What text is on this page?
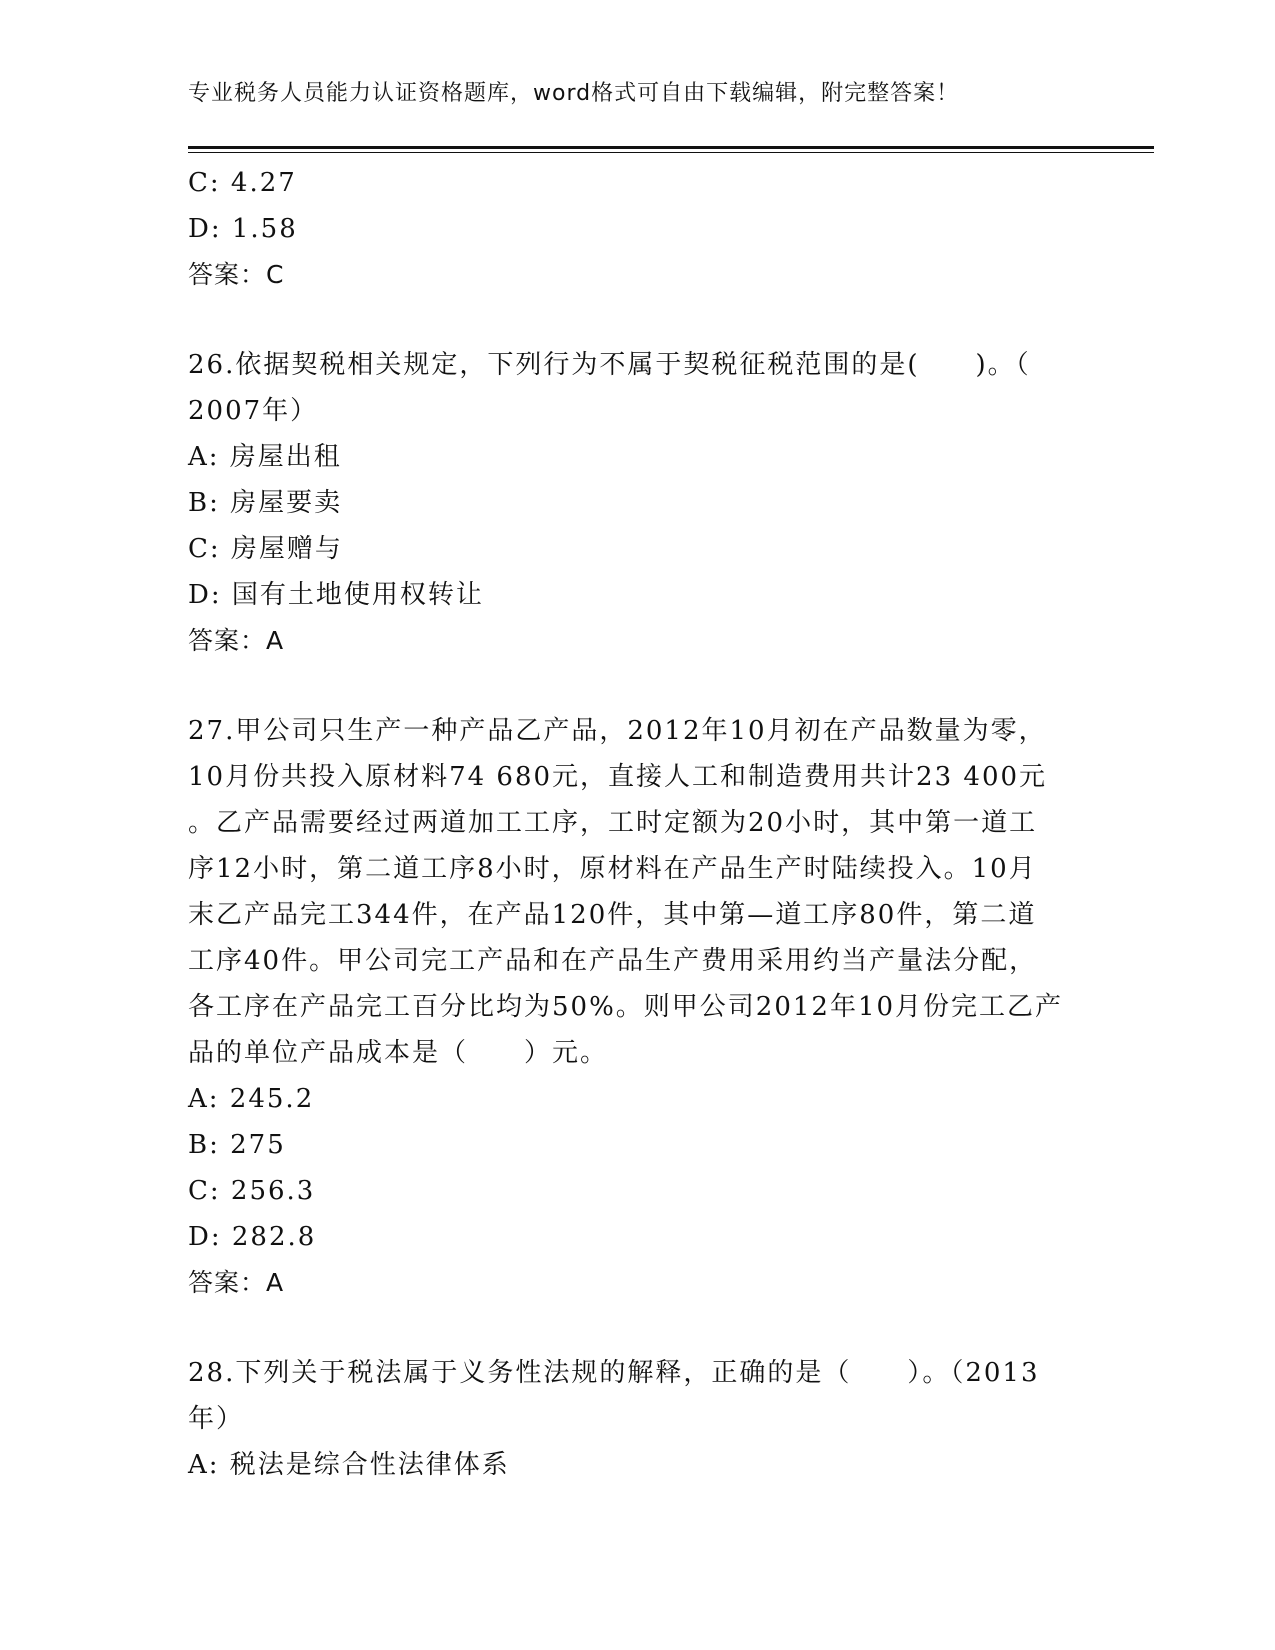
专业税务人员能力认证资格题库，word格式可自由下载编辑，附完整答案！
C: 4.27
D: 1.58
答案：C
26.依据契税相关规定，下列行为不属于契税征税范围的是(　　)。（
2007年）
A: 房屋出租
B: 房屋要卖
C: 房屋赠与
D: 国有土地使用权转让
答案：A
27.甲公司只生产一种产品乙产品，2012年10月初在产品数量为零，
10月份共投入原材料74 680元，直接人工和制造费用共计23 400元
。乙产品需要经过两道加工工序，工时定额为20小时，其中第一道工
序12小时，第二道工序8小时，原材料在产品生产时陆续投入。10月
末乙产品完工344件，在产品120件，其中第—道工序80件，第二道
工序40件。甲公司完工产品和在产品生产费用采用约当产量法分配，
各工序在产品完工百分比均为50%。则甲公司2012年10月份完工乙产
品的单位产品成本是（　　）元。
A: 245.2
B: 275
C: 256.3
D: 282.8
答案：A
28.下列关于税法属于义务性法规的解释，正确的是（　　）。（2013
年）
A: 税法是综合性法律体系
